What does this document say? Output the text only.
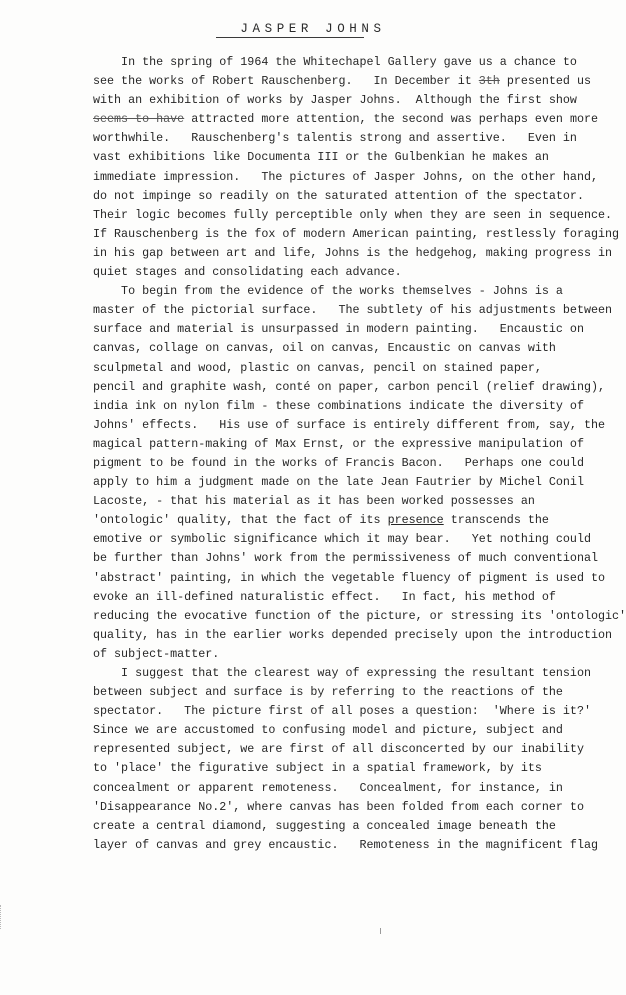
JASPER JOHNS
In the spring of 1964 the Whitechapel Gallery gave us a chance to
see the works of Robert Rauschenberg.   In December it 3th presented us
with an exhibition of works by Jasper Johns.  Although the first show
seems to have attracted more attention, the second was perhaps even more
worthwhile.   Rauschenberg's talentis strong and assertive.   Even in
vast exhibitions like Documenta III or the Gulbenkian he makes an
immediate impression.   The pictures of Jasper Johns, on the other hand,
do not impinge so readily on the saturated attention of the spectator.
Their logic becomes fully perceptible only when they are seen in sequence.
If Rauschenberg is the fox of modern American painting, restlessly foraging
in his gap between art and life, Johns is the hedgehog, making progress in
quiet stages and consolidating each advance.
To begin from the evidence of the works themselves - Johns is a
master of the pictorial surface.   The subtlety of his adjustments between
surface and material is unsurpassed in modern painting.   Encaustic on
canvas, collage on canvas, oil on canvas, Encaustic on canvas with
sculpmetal and wood, plastic on canvas, pencil on stained paper,
pencil and graphite wash, conté on paper, carbon pencil (relief drawing),
india ink on nylon film - these combinations indicate the diversity of
Johns' effects.   His use of surface is entirely different from, say, the
magical pattern-making of Max Ernst, or the expressive manipulation of
pigment to be found in the works of Francis Bacon.   Perhaps one could
apply to him a judgment made on the late Jean Fautrier by Michel Conil
Lacoste, - that his material as it has been worked possesses an
'ontologic' quality, that the fact of its presence transcends the
emotive or symbolic significance which it may bear.   Yet nothing could
be further than Johns' work from the permissiveness of much conventional
'abstract' painting, in which the vegetable fluency of pigment is used to
evoke an ill-defined naturalistic effect.   In fact, his method of
reducing the evocative function of the picture, or stressing its 'ontologic'
quality, has in the earlier works depended precisely upon the introduction
of subject-matter.
I suggest that the clearest way of expressing the resultant tension
between subject and surface is by referring to the reactions of the
spectator.   The picture first of all poses a question:  'Where is it?'
Since we are accustomed to confusing model and picture, subject and
represented subject, we are first of all disconcerted by our inability
to 'place' the figurative subject in a spatial framework, by its
concealment or apparent remoteness.   Concealment, for instance, in
'Disappearance No.2', where canvas has been folded from each corner to
create a central diamond, suggesting a concealed image beneath the
layer of canvas and grey encaustic.   Remoteness in the magnificent flag
